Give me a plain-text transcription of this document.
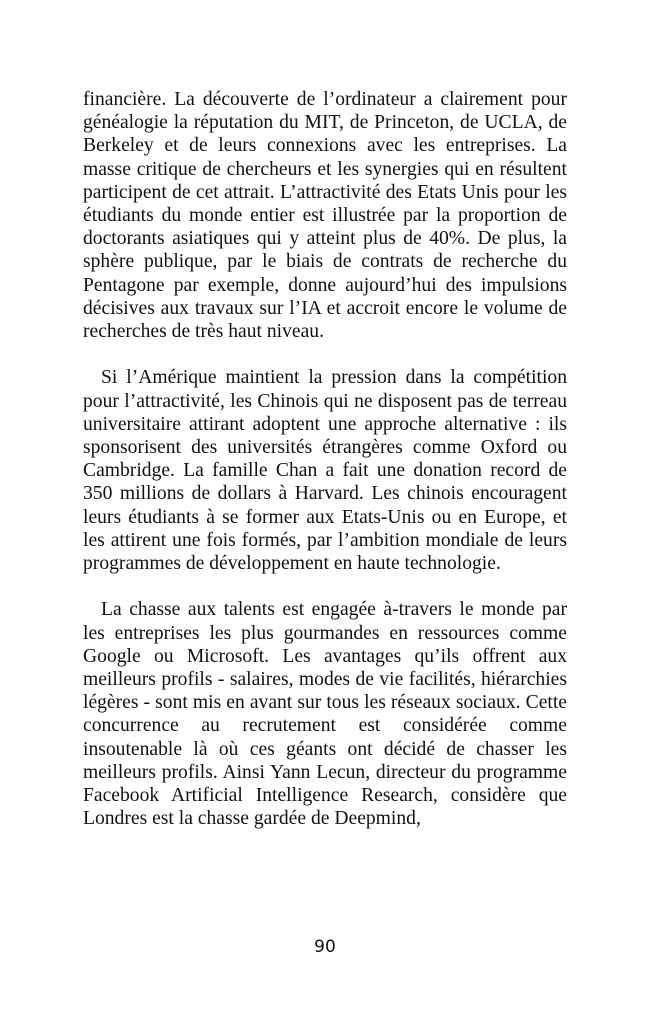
financière. La découverte de l’ordinateur a clairement pour généalogie la réputation du MIT, de Princeton, de UCLA, de Berkeley et de leurs connexions avec les entreprises. La masse critique de chercheurs et les synergies qui en résultent participent de cet attrait. L’attractivité des Etats Unis pour les étudiants du monde entier est illustrée par la proportion de doctorants asiatiques qui y atteint plus de 40%. De plus, la sphère publique, par le biais de contrats de recherche du Pentagone par exemple, donne aujourd’hui des impulsions décisives aux travaux sur l’IA et accroit encore le volume de recherches de très haut niveau.

Si l’Amérique maintient la pression dans la compétition pour l’attractivité, les Chinois qui ne disposent pas de terreau universitaire attirant adoptent une approche alternative : ils sponsorisent des universités étrangères comme Oxford ou Cambridge. La famille Chan a fait une donation record de 350 millions de dollars à Harvard. Les chinois encouragent leurs étudiants à se former aux Etats-Unis ou en Europe, et les attirent une fois formés, par l’ambition mondiale de leurs programmes de développement en haute technologie.

La chasse aux talents est engagée à-travers le monde par les entreprises les plus gourmandes en ressources comme Google ou Microsoft. Les avantages qu’ils offrent aux meilleurs profils - salaires, modes de vie facilités, hiérarchies légères - sont mis en avant sur tous les réseaux sociaux. Cette concurrence au recrutement est considérée comme insoutenable là où ces géants ont décidé de chasser les meilleurs profils. Ainsi Yann Lecun, directeur du programme Facebook Artificial Intelligence Research, considère que Londres est la chasse gardée de Deepmind,

90
